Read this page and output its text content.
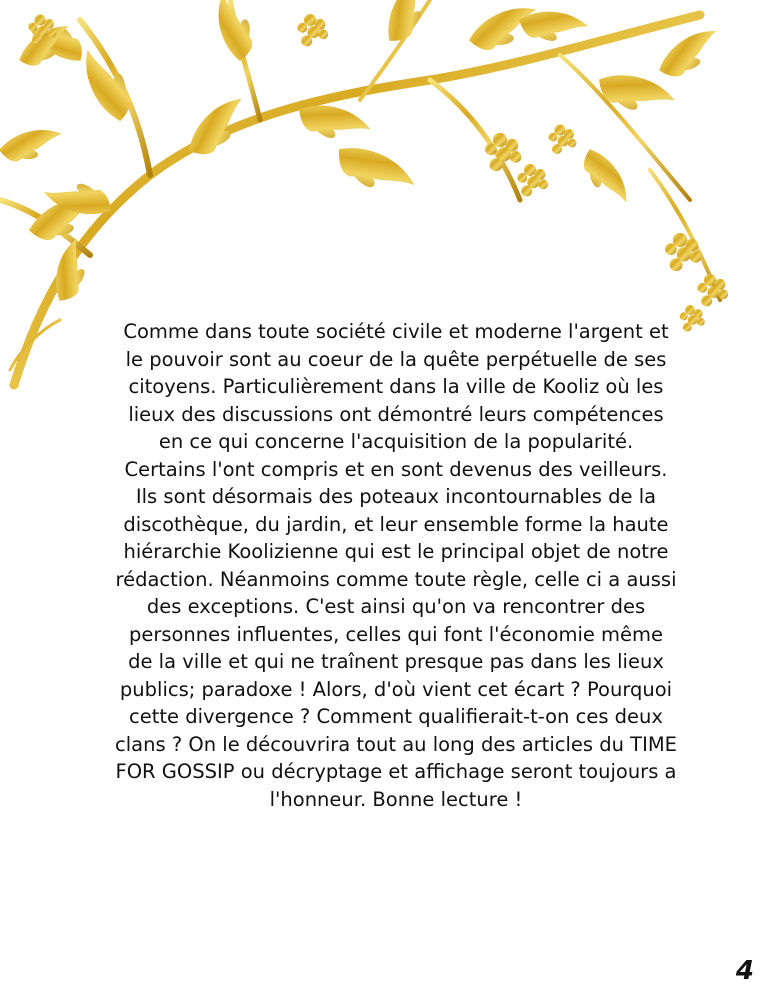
Comme dans toute société civile et moderne l'argent et
le pouvoir sont au coeur de la quête perpétuelle de ses
citoyens. Particulièrement dans la ville de Kooliz où les
lieux des discussions ont démontré leurs compétences
en ce qui concerne l'acquisition de la popularité.
Certains l'ont compris et en sont devenus des veilleurs.
Ils sont désormais des poteaux incontournables de la
discothèque, du jardin, et leur ensemble forme la haute
hiérarchie Koolizienne qui est le principal objet de notre
rédaction. Néanmoins comme toute règle, celle ci a aussi
des exceptions. C'est ainsi qu'on va rencontrer des
personnes influentes, celles qui font l'économie même
de la ville et qui ne traînent presque pas dans les lieux
publics; paradoxe ! Alors, d'où vient cet écart ? Pourquoi
cette divergence ? Comment qualifierait-t-on ces deux
clans ? On le découvrira tout au long des articles du TIME
FOR GOSSIP ou décryptage et affichage seront toujours a
l'honneur. Bonne lecture !

4
